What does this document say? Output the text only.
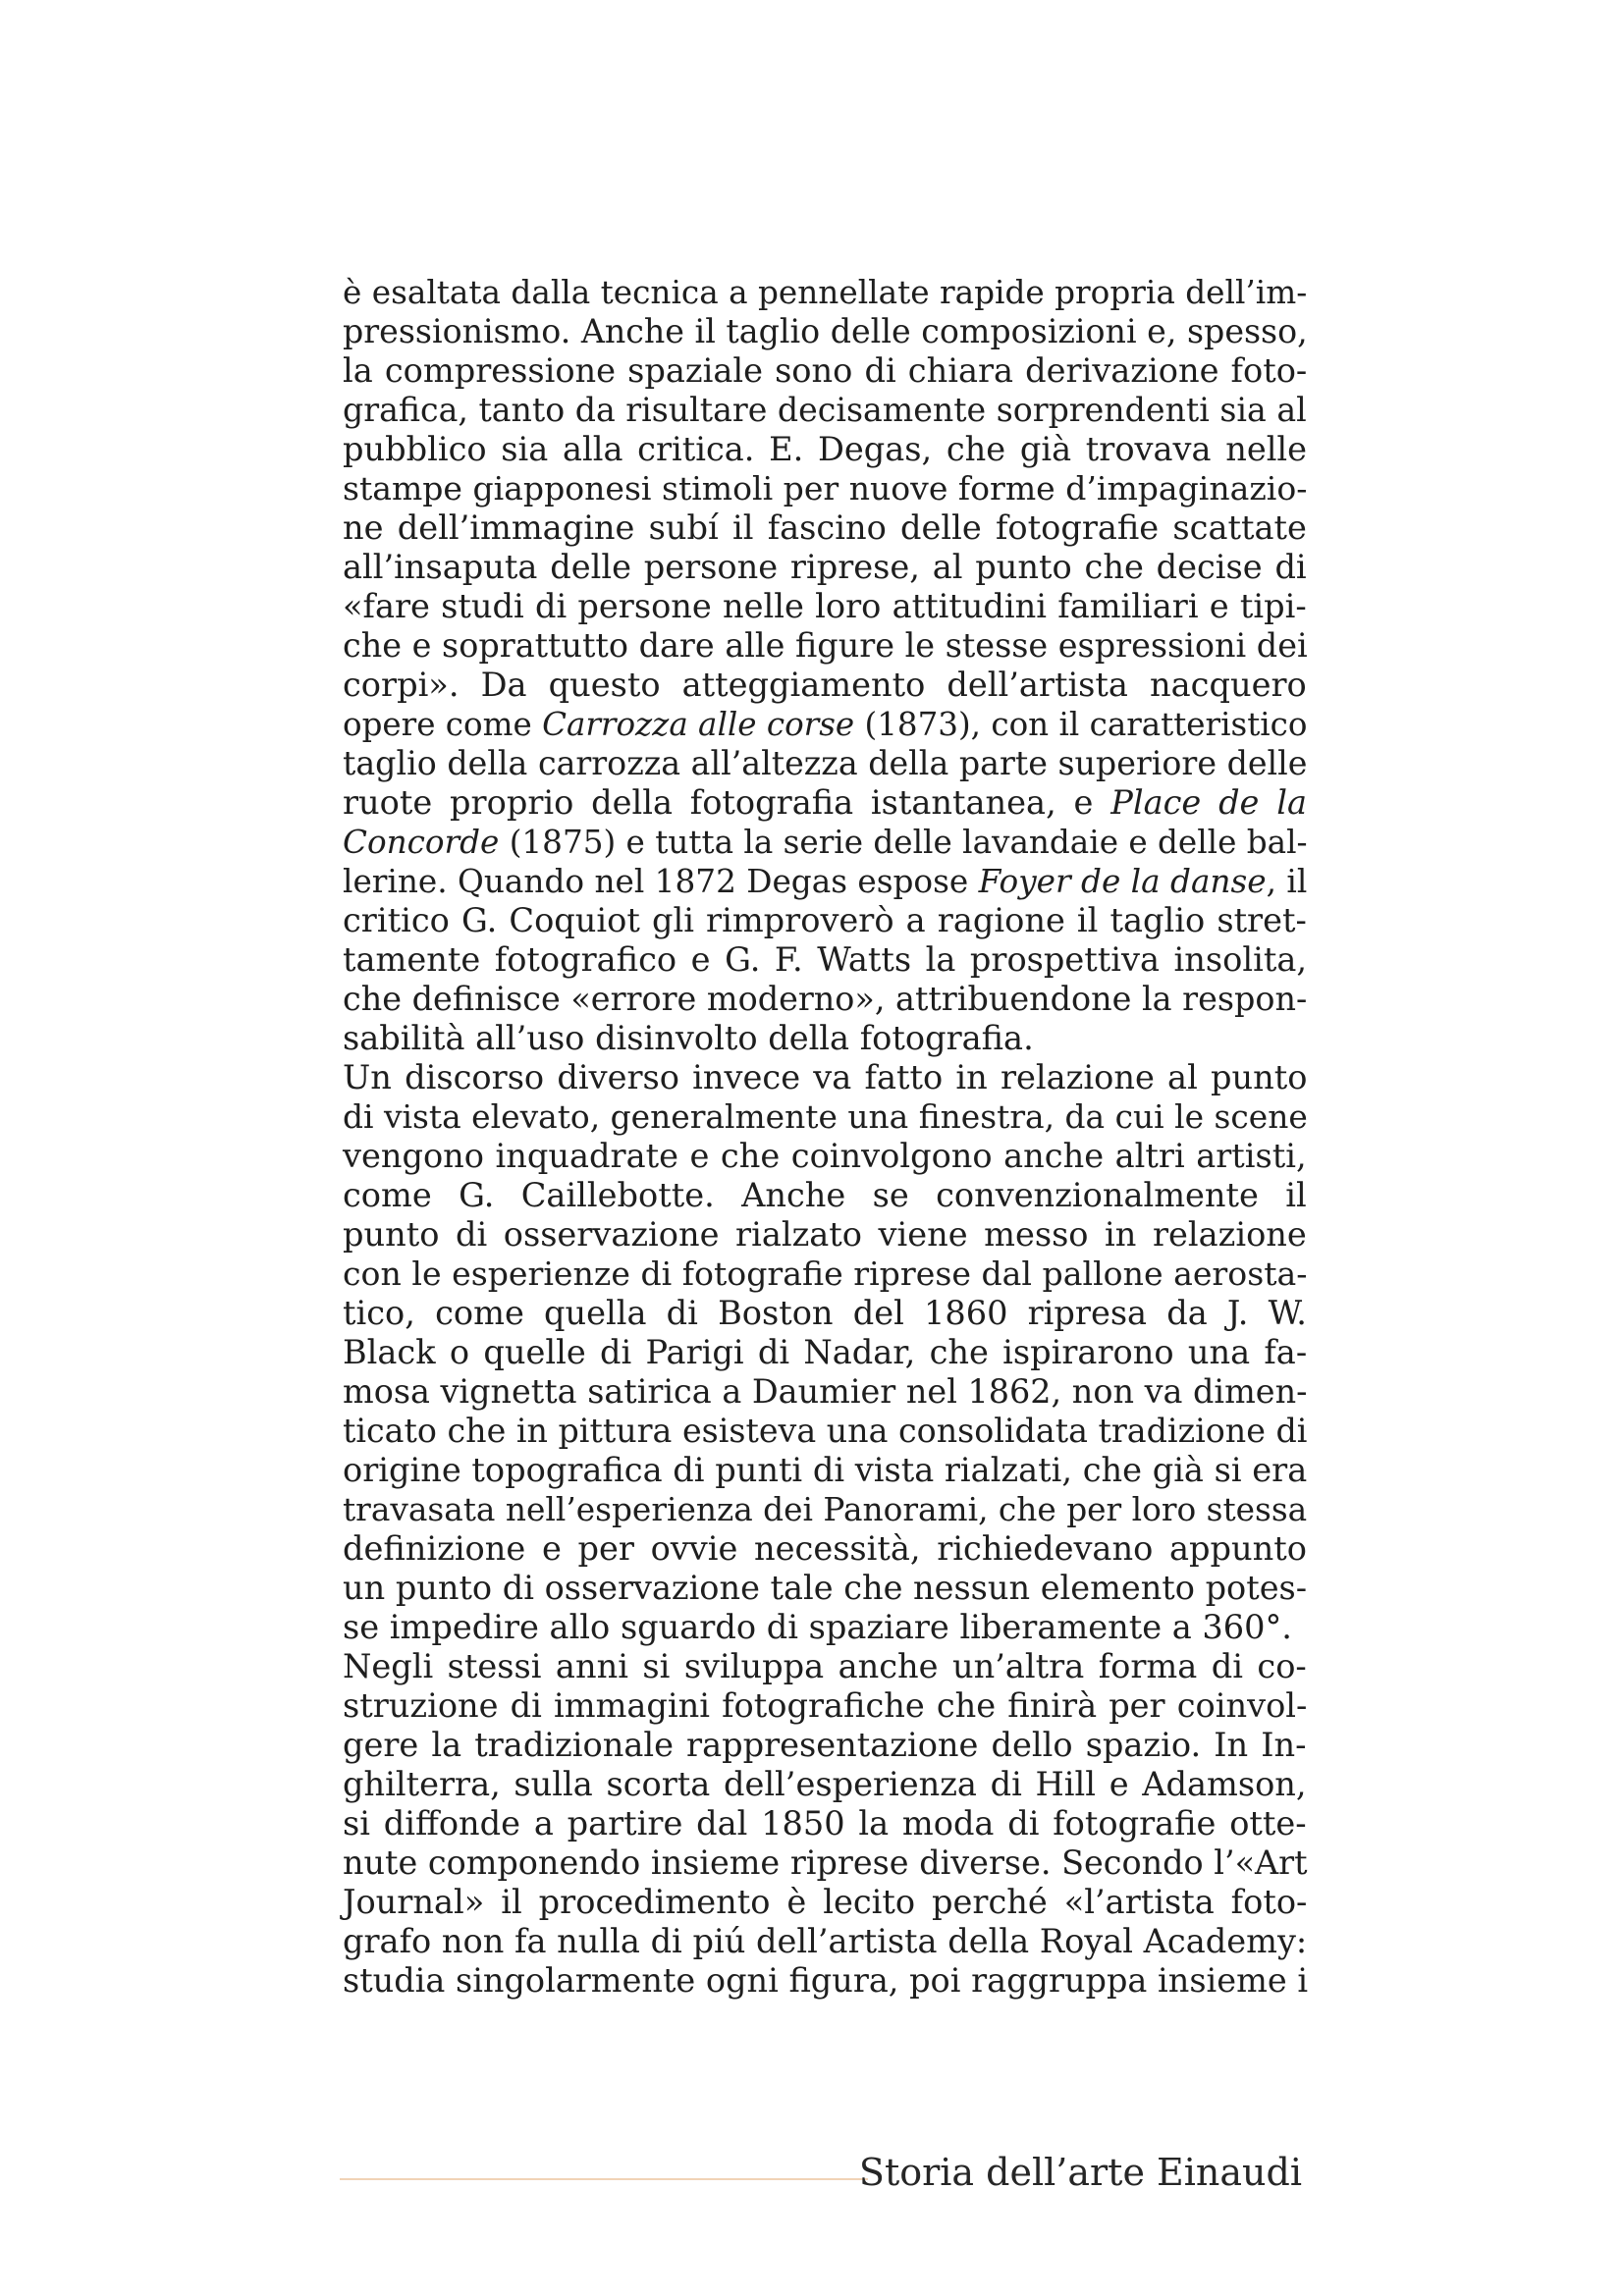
è esaltata dalla tecnica a pennellate rapide propria dell’im-
pressionismo. Anche il taglio delle composizioni e, spesso,
la compressione spaziale sono di chiara derivazione foto-
grafica, tanto da risultare decisamente sorprendenti sia al
pubblico sia alla critica. E. Degas, che già trovava nelle
stampe giapponesi stimoli per nuove forme d’impaginazio-
ne dell’immagine subí il fascino delle fotografie scattate
all’insaputa delle persone riprese, al punto che decise di
«fare studi di persone nelle loro attitudini familiari e tipi-
che e soprattutto dare alle figure le stesse espressioni dei
corpi». Da questo atteggiamento dell’artista nacquero
opere come Carrozza alle corse (1873), con il caratteristico
taglio della carrozza all’altezza della parte superiore delle
ruote proprio della fotografia istantanea, e Place de la
Concorde (1875) e tutta la serie delle lavandaie e delle bal-
lerine. Quando nel 1872 Degas espose Foyer de la danse, il
critico G. Coquiot gli rimproverò a ragione il taglio stret-
tamente fotografico e G. F. Watts la prospettiva insolita,
che definisce «errore moderno», attribuendone la respon-
sabilità all’uso disinvolto della fotografia.
Un discorso diverso invece va fatto in relazione al punto
di vista elevato, generalmente una finestra, da cui le scene
vengono inquadrate e che coinvolgono anche altri artisti,
come G. Caillebotte. Anche se convenzionalmente il
punto di osservazione rialzato viene messo in relazione
con le esperienze di fotografie riprese dal pallone aerosta-
tico, come quella di Boston del 1860 ripresa da J. W.
Black o quelle di Parigi di Nadar, che ispirarono una fa-
mosa vignetta satirica a Daumier nel 1862, non va dimen-
ticato che in pittura esisteva una consolidata tradizione di
origine topografica di punti di vista rialzati, che già si era
travasata nell’esperienza dei Panorami, che per loro stessa
definizione e per ovvie necessità, richiedevano appunto
un punto di osservazione tale che nessun elemento potes-
se impedire allo sguardo di spaziare liberamente a 360°.
Negli stessi anni si sviluppa anche un’altra forma di co-
struzione di immagini fotografiche che finirà per coinvol-
gere la tradizionale rappresentazione dello spazio. In In-
ghilterra, sulla scorta dell’esperienza di Hill e Adamson,
si diffonde a partire dal 1850 la moda di fotografie otte-
nute componendo insieme riprese diverse. Secondo l’«Art
Journal» il procedimento è lecito perché «l’artista foto-
grafo non fa nulla di piú dell’artista della Royal Academy:
studia singolarmente ogni figura, poi raggruppa insieme i
Storia dell’arte Einaudi
